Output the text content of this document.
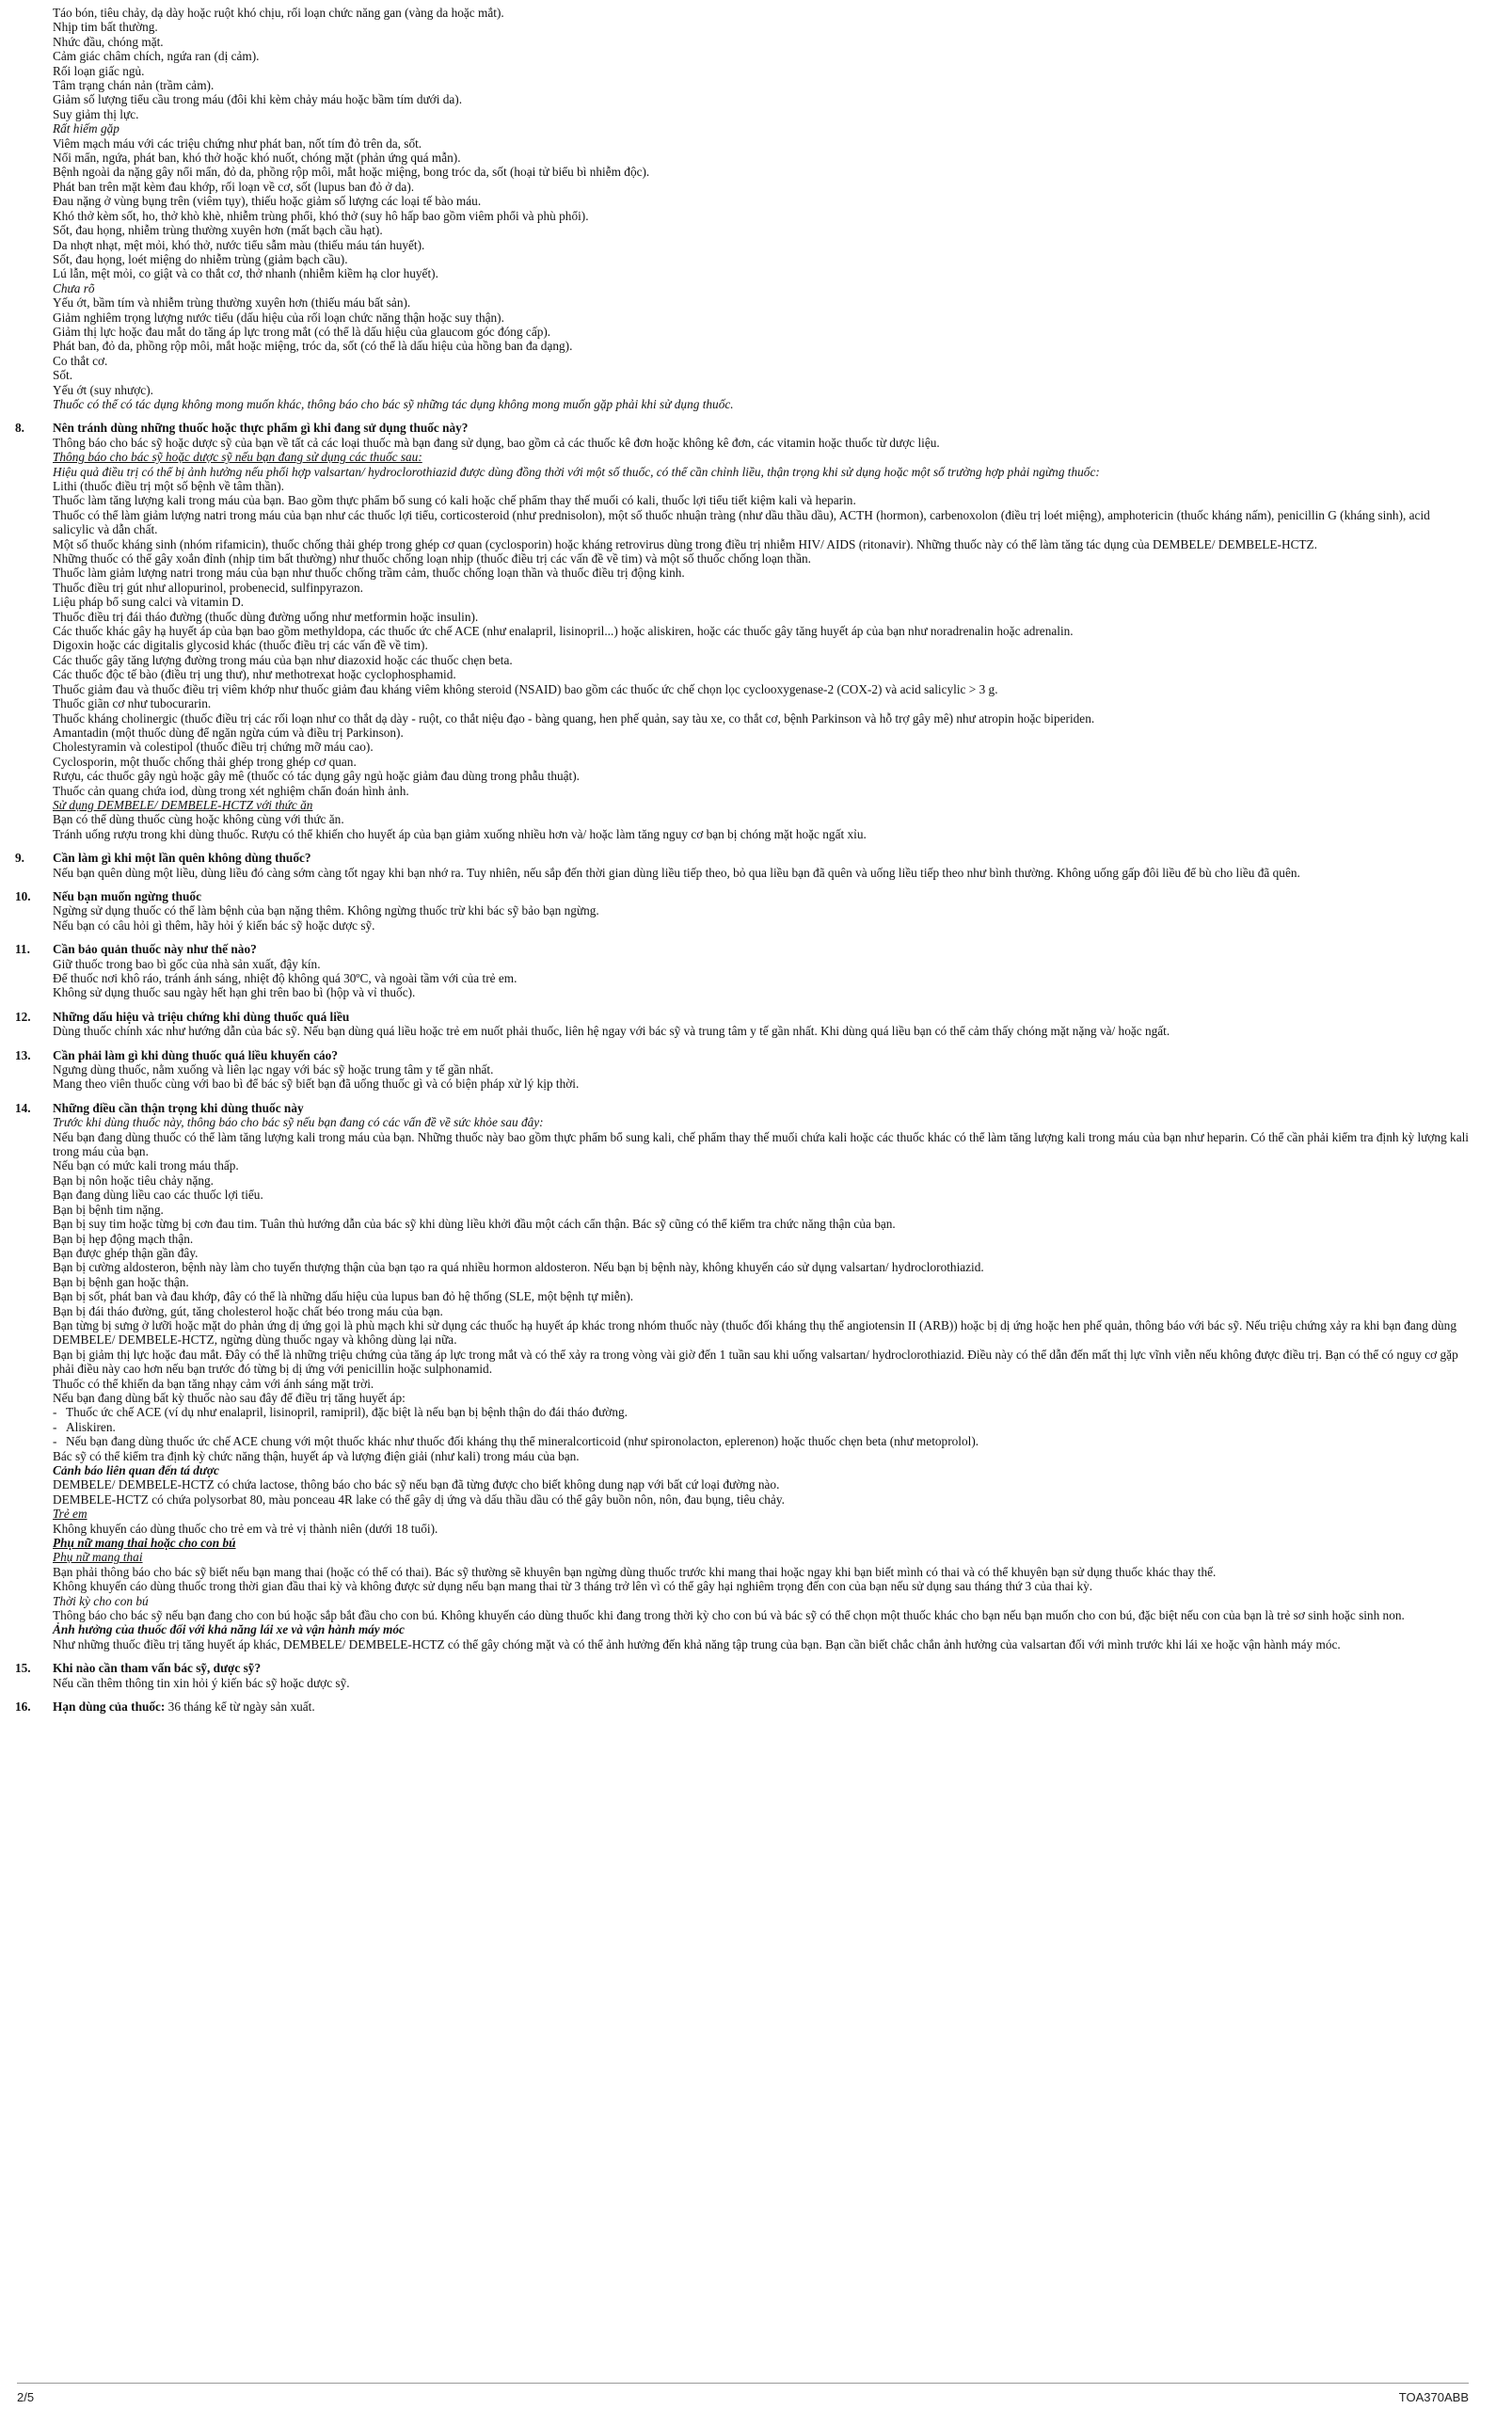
Táo bón, tiêu chảy, dạ dày hoặc ruột khó chịu, rối loạn chức năng gan (vàng da hoặc mắt).
Nhịp tim bất thường.
Nhức đầu, chóng mặt.
Cảm giác châm chích, ngứa ran (dị cảm).
Rối loạn giấc ngủ.
Tâm trạng chán nản (trầm cảm).
Giảm số lượng tiểu cầu trong máu (đôi khi kèm chảy máu hoặc bầm tím dưới da).
Suy giảm thị lực.
Rất hiếm gặp
Viêm mạch máu với các triệu chứng như phát ban, nốt tím đỏ trên da, sốt.
Nổi mẩn, ngứa, phát ban, khó thở hoặc khó nuốt, chóng mặt (phản ứng quá mẫn).
Bệnh ngoài da nặng gây nổi mẩn, đỏ da, phồng rộp môi, mắt hoặc miệng, bong tróc da, sốt (hoại tử biểu bì nhiễm độc).
Phát ban trên mặt kèm đau khớp, rối loạn về cơ, sốt (lupus ban đỏ ở da).
Đau nặng ở vùng bụng trên (viêm tụy), thiếu hoặc giảm số lượng các loại tế bào máu.
Khó thở kèm sốt, ho, thở khò khè, nhiễm trùng phổi, khó thở (suy hô hấp bao gồm viêm phổi và phù phổi).
Sốt, đau họng, nhiễm trùng thường xuyên hơn (mất bạch cầu hạt).
Da nhợt nhạt, mệt mỏi, khó thở, nước tiểu sẫm màu (thiếu máu tán huyết).
Sốt, đau họng, loét miệng do nhiễm trùng (giảm bạch cầu).
Lú lẫn, mệt mỏi, co giật và co thắt cơ, thở nhanh (nhiễm kiềm hạ clor huyết).
Chưa rõ
Yếu ớt, bầm tím và nhiễm trùng thường xuyên hơn (thiếu máu bất sản).
Giảm nghiêm trọng lượng nước tiểu (dấu hiệu của rối loạn chức năng thận hoặc suy thận).
Giảm thị lực hoặc đau mắt do tăng áp lực trong mắt (có thể là dấu hiệu của glaucom góc đóng cấp).
Phát ban, đỏ da, phồng rộp môi, mắt hoặc miệng, tróc da, sốt (có thể là dấu hiệu của hồng ban đa dạng).
Co thắt cơ.
Sốt.
Yếu ớt (suy nhược).
Thuốc có thể có tác dụng không mong muốn khác, thông báo cho bác sỹ những tác dụng không mong muốn gặp phải khi sử dụng thuốc.
8.	Nên tránh dùng những thuốc hoặc thực phẩm gì khi đang sử dụng thuốc này?
Thông báo cho bác sỹ hoặc dược sỹ của bạn về tất cả các loại thuốc mà bạn đang sử dụng, bao gồm cả các thuốc kê đơn hoặc không kê đơn, các vitamin hoặc thuốc từ dược liệu.
Thông báo cho bác sỹ hoặc dược sỹ nếu bạn đang sử dụng các thuốc sau:
Hiệu quả điều trị có thể bị ảnh hưởng nếu phối hợp valsartan/ hydroclorothiazid được dùng đồng thời với một số thuốc, có thể cần chỉnh liều, thận trọng khi sử dụng hoặc một số trường hợp phải ngừng thuốc:
Lithi (thuốc điều trị một số bệnh về tâm thần).
Thuốc làm tăng lượng kali trong máu của bạn. Bao gồm thực phẩm bổ sung có kali hoặc chế phẩm thay thế muối có kali, thuốc lợi tiểu tiết kiệm kali và heparin.
Thuốc có thể làm giảm lượng natri trong máu của bạn như các thuốc lợi tiểu, corticosteroid (như prednisolon), một số thuốc nhuận tràng (như dầu thầu dầu), ACTH (hormon), carbenoxolon (điều trị loét miệng), amphotericin (thuốc kháng nấm), penicillin G (kháng sinh), acid salicylic và dẫn chất.
Một số thuốc kháng sinh (nhóm rifamicin), thuốc chống thải ghép trong ghép cơ quan (cyclosporin) hoặc kháng retrovirus dùng trong điều trị nhiễm HIV/ AIDS (ritonavir). Những thuốc này có thể làm tăng tác dụng của DEMBELE/ DEMBELE-HCTZ.
Những thuốc có thể gây xoắn đỉnh (nhịp tim bất thường) như thuốc chống loạn nhịp (thuốc điều trị các vấn đề về tim) và một số thuốc chống loạn thần.
Thuốc làm giảm lượng natri trong máu của bạn như thuốc chống trầm cảm, thuốc chống loạn thần và thuốc điều trị động kinh.
Thuốc điều trị gút như allopurinol, probenecid, sulfinpyrazon.
Liệu pháp bổ sung calci và vitamin D.
Thuốc điều trị đái tháo đường (thuốc dùng đường uống như metformin hoặc insulin).
Các thuốc khác gây hạ huyết áp của bạn bao gồm methyldopa, các thuốc ức chế ACE (như enalapril, lisinopril...) hoặc aliskiren, hoặc các thuốc gây tăng huyết áp của bạn như noradrenalin hoặc adrenalin.
Digoxin hoặc các digitalis glycosid khác (thuốc điều trị các vấn đề về tim).
Các thuốc gây tăng lượng đường trong máu của bạn như diazoxid hoặc các thuốc chẹn beta.
Các thuốc độc tế bào (điều trị ung thư), như methotrexat hoặc cyclophosphamid.
Thuốc giảm đau và thuốc điều trị viêm khớp như thuốc giảm đau kháng viêm không steroid (NSAID) bao gồm các thuốc ức chế chọn lọc cyclooxygenase-2 (COX-2) và acid salicylic > 3 g.
Thuốc giãn cơ như tubocurarin.
Thuốc kháng cholinergic (thuốc điều trị các rối loạn như co thắt dạ dày - ruột, co thắt niệu đạo - bàng quang, hen phế quản, say tàu xe, co thắt cơ, bệnh Parkinson và hỗ trợ gây mê) như atropin hoặc biperiden.
Amantadin (một thuốc dùng để ngăn ngừa cúm và điều trị Parkinson).
Cholestyramin và colestipol (thuốc điều trị chứng mỡ máu cao).
Cyclosporin, một thuốc chống thải ghép trong ghép cơ quan.
Rượu, các thuốc gây ngủ hoặc gây mê (thuốc có tác dụng gây ngủ hoặc giảm đau dùng trong phẫu thuật).
Thuốc cản quang chứa iod, dùng trong xét nghiệm chẩn đoán hình ảnh.
Sử dụng DEMBELE/ DEMBELE-HCTZ với thức ăn
Bạn có thể dùng thuốc cùng hoặc không cùng với thức ăn.
Tránh uống rượu trong khi dùng thuốc. Rượu có thể khiến cho huyết áp của bạn giảm xuống nhiều hơn và/ hoặc làm tăng nguy cơ bạn bị chóng mặt hoặc ngất xỉu.
9.	Cần làm gì khi một lần quên không dùng thuốc?
Nếu bạn quên dùng một liều, dùng liều đó càng sớm càng tốt ngay khi bạn nhớ ra. Tuy nhiên, nếu sắp đến thời gian dùng liều tiếp theo, bỏ qua liều bạn đã quên và uống liều tiếp theo như bình thường. Không uống gấp đôi liều để bù cho liều đã quên.
10.	Nếu bạn muốn ngừng thuốc
Ngừng sử dụng thuốc có thể làm bệnh của bạn nặng thêm. Không ngừng thuốc trừ khi bác sỹ bảo bạn ngừng.
Nếu bạn có câu hỏi gì thêm, hãy hỏi ý kiến bác sỹ hoặc dược sỹ.
11.	Cần bảo quản thuốc này như thế nào?
Giữ thuốc trong bao bì gốc của nhà sản xuất, đậy kín.
Để thuốc nơi khô ráo, tránh ánh sáng, nhiệt độ không quá 30ºC, và ngoài tầm với của trẻ em.
Không sử dụng thuốc sau ngày hết hạn ghi trên bao bì (hộp và vỉ thuốc).
12.	Những dấu hiệu và triệu chứng khi dùng thuốc quá liều
Dùng thuốc chính xác như hướng dẫn của bác sỹ. Nếu bạn dùng quá liều hoặc trẻ em nuốt phải thuốc, liên hệ ngay với bác sỹ và trung tâm y tế gần nhất. Khi dùng quá liều bạn có thể cảm thấy chóng mặt nặng và/ hoặc ngất.
13.	Cần phải làm gì khi dùng thuốc quá liều khuyến cáo?
Ngưng dùng thuốc, nằm xuống và liên lạc ngay với bác sỹ hoặc trung tâm y tế gần nhất.
Mang theo viên thuốc cùng với bao bì để bác sỹ biết bạn đã uống thuốc gì và có biện pháp xử lý kịp thời.
14.	Những điều cần thận trọng khi dùng thuốc này
Trước khi dùng thuốc này, thông báo cho bác sỹ nếu bạn đang có các vấn đề về sức khỏe sau đây:
Nếu bạn đang dùng thuốc có thể làm tăng lượng kali trong máu của bạn. Những thuốc này bao gồm thực phẩm bổ sung kali, chế phẩm thay thế muối chứa kali hoặc các thuốc khác có thể làm tăng lượng kali trong máu của bạn như heparin. Có thể cần phải kiểm tra định kỳ lượng kali trong máu của bạn.
Nếu bạn có mức kali trong máu thấp.
Bạn bị nôn hoặc tiêu chảy nặng.
Bạn đang dùng liều cao các thuốc lợi tiểu.
Bạn bị bệnh tim nặng.
Bạn bị suy tim hoặc từng bị cơn đau tim. Tuân thủ hướng dẫn của bác sỹ khi dùng liều khởi đầu một cách cẩn thận. Bác sỹ cũng có thể kiểm tra chức năng thận của bạn.
Bạn bị hẹp động mạch thận.
Bạn được ghép thận gần đây.
Bạn bị cường aldosteron, bệnh này làm cho tuyến thượng thận của bạn tạo ra quá nhiều hormon aldosteron. Nếu bạn bị bệnh này, không khuyến cáo sử dụng valsartan/ hydroclorothiazid.
Bạn bị bệnh gan hoặc thận.
Bạn bị sốt, phát ban và đau khớp, đây có thể là những dấu hiệu của lupus ban đỏ hệ thống (SLE, một bệnh tự miễn).
Bạn bị đái tháo đường, gút, tăng cholesterol hoặc chất béo trong máu của bạn.
Bạn từng bị sưng ở lưỡi hoặc mặt do phản ứng dị ứng gọi là phù mạch khi sử dụng các thuốc hạ huyết áp khác trong nhóm thuốc này (thuốc đối kháng thụ thể angiotensin II (ARB)) hoặc bị dị ứng hoặc hen phế quản, thông báo với bác sỹ. Nếu triệu chứng xảy ra khi bạn đang dùng DEMBELE/ DEMBELE-HCTZ, ngừng dùng thuốc ngay và không dùng lại nữa.
Bạn bị giảm thị lực hoặc đau mắt. Đây có thể là những triệu chứng của tăng áp lực trong mắt và có thể xảy ra trong vòng vài giờ đến 1 tuần sau khi uống valsartan/ hydroclorothiazid. Điều này có thể dẫn đến mất thị lực vĩnh viễn nếu không được điều trị. Bạn có thể có nguy cơ gặp phải điều này cao hơn nếu bạn trước đó từng bị dị ứng với penicillin hoặc sulphonamid.
Thuốc có thể khiến da bạn tăng nhạy cảm với ánh sáng mặt trời.
Nếu bạn đang dùng bất kỳ thuốc nào sau đây để điều trị tăng huyết áp:
- Thuốc ức chế ACE (ví dụ như enalapril, lisinopril, ramipril), đặc biệt là nếu bạn bị bệnh thận do đái tháo đường.
- Aliskiren.
- Nếu bạn đang dùng thuốc ức chế ACE chung với một thuốc khác như thuốc đối kháng thụ thể mineralcorticoid (như spironolacton, eplerenon) hoặc thuốc chẹn beta (như metoprolol).
Bác sỹ có thể kiểm tra định kỳ chức năng thận, huyết áp và lượng điện giải (như kali) trong máu của bạn.
Cảnh báo liên quan đến tá dược
DEMBELE/ DEMBELE-HCTZ có chứa lactose, thông báo cho bác sỹ nếu bạn đã từng được cho biết không dung nạp với bất cứ loại đường nào.
DEMBELE-HCTZ có chứa polysorbat 80, màu ponceau 4R lake có thể gây dị ứng và dấu thầu dầu có thể gây buồn nôn, nôn, đau bụng, tiêu chảy.
Trẻ em
Không khuyến cáo dùng thuốc cho trẻ em và trẻ vị thành niên (dưới 18 tuổi).
Phụ nữ mang thai hoặc cho con bú
Phụ nữ mang thai
Bạn phải thông báo cho bác sỹ biết nếu bạn mang thai (hoặc có thể có thai). Bác sỹ thường sẽ khuyên bạn ngừng dùng thuốc trước khi mang thai hoặc ngay khi bạn biết mình có thai và có thể khuyên bạn sử dụng thuốc khác thay thế.
Không khuyến cáo dùng thuốc trong thời gian đầu thai kỳ và không được sử dụng nếu bạn mang thai từ 3 tháng trở lên vì có thể gây hại nghiêm trọng đến con của bạn nếu sử dụng sau tháng thứ 3 của thai kỳ.
Thời kỳ cho con bú
Thông báo cho bác sỹ nếu bạn đang cho con bú hoặc sắp bắt đầu cho con bú. Không khuyến cáo dùng thuốc khi đang trong thời kỳ cho con bú và bác sỹ có thể chọn một thuốc khác cho bạn nếu bạn muốn cho con bú, đặc biệt nếu con của bạn là trẻ sơ sinh hoặc sinh non.
Ảnh hưởng của thuốc đối với khả năng lái xe và vận hành máy móc
Như những thuốc điều trị tăng huyết áp khác, DEMBELE/ DEMBELE-HCTZ có thể gây chóng mặt và có thể ảnh hưởng đến khả năng tập trung của bạn. Bạn cần biết chắc chắn ảnh hưởng của valsartan đối với mình trước khi lái xe hoặc vận hành máy móc.
15.	Khi nào cần tham vấn bác sỹ, dược sỹ?
Nếu cần thêm thông tin xin hỏi ý kiến bác sỹ hoặc dược sỹ.
16.	Hạn dùng của thuốc: 36 tháng kể từ ngày sản xuất.
2/5	TOA370ABB
